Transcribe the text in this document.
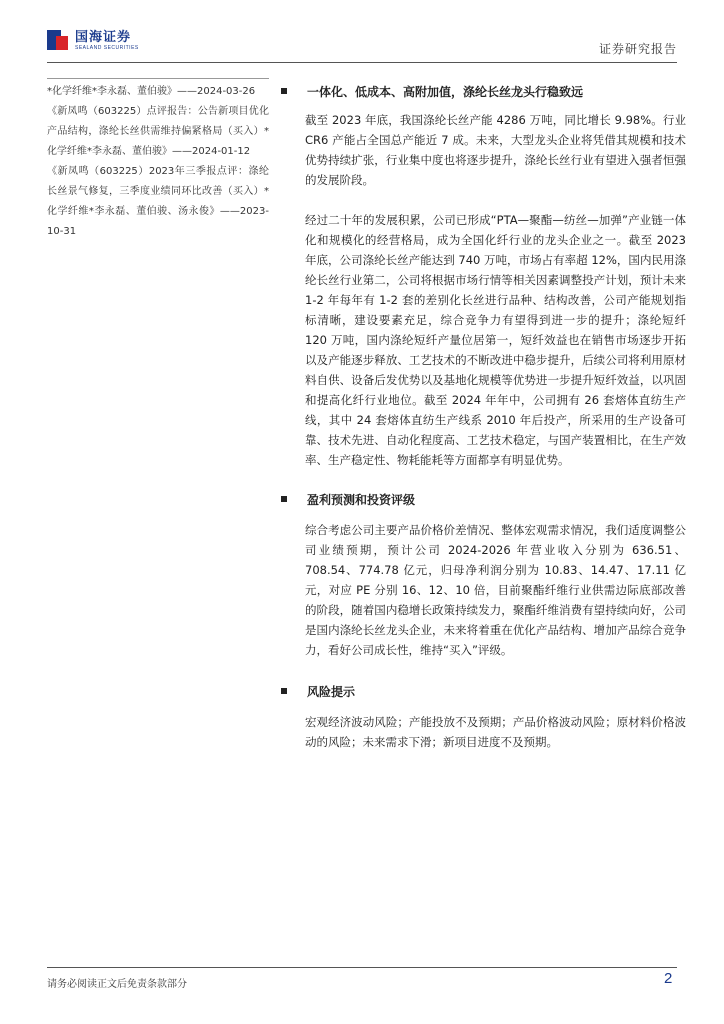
国海证券
SEALAND SECURITIES	证券研究报告

*化学纤维*李永磊、董伯骏》——2024-03-26

《新凤鸣（603225）点评报告：公告新项目优化产品结构，涤纶长丝供需维持偏紧格局（买入）*化学纤维*李永磊、董伯骏》——2024-01-12

《新凤鸣（603225）2023年三季报点评：涤纶长丝景气修复，三季度业绩同环比改善（买入）*化学纤维*李永磊、董伯骏、汤永俊》——2023-10-31

一体化、低成本、高附加值，涤纶长丝龙头行稳致远

截至 2023 年底，我国涤纶长丝产能 4286 万吨，同比增长 9.98%。行业 CR6 产能占全国总产能近 7 成。未来，大型龙头企业将凭借其规模和技术优势持续扩张，行业集中度也将逐步提升，涤纶长丝行业有望进入强者恒强的发展阶段。

经过二十年的发展积累，公司已形成“PTA—聚酯—纺丝—加弹”产业链一体化和规模化的经营格局，成为全国化纤行业的龙头企业之一。截至 2023 年底，公司涤纶长丝产能达到 740 万吨，市场占有率超 12%，国内民用涤纶长丝行业第二，公司将根据市场行情等相关因素调整投产计划，预计未来 1-2 年每年有 1-2 套的差别化长丝进行品种、结构改善，公司产能规划指标清晰，建设要素充足，综合竞争力有望得到进一步的提升；涤纶短纤 120 万吨，国内涤纶短纤产量位居第一，短纤效益也在销售市场逐步开拓以及产能逐步释放、工艺技术的不断改进中稳步提升，后续公司将利用原材料自供、设备后发优势以及基地化规模等优势进一步提升短纤效益，以巩固和提高化纤行业地位。截至 2024 年年中，公司拥有 26 套熔体直纺生产线，其中 24 套熔体直纺生产线系 2010 年后投产，所采用的生产设备可靠、技术先进、自动化程度高、工艺技术稳定，与国产装置相比，在生产效率、生产稳定性、物耗能耗等方面都享有明显优势。

盈利预测和投资评级

综合考虑公司主要产品价格价差情况、整体宏观需求情况，我们适度调整公司业绩预期，预计公司 2024-2026 年营业收入分别为 636.51、708.54、774.78 亿元，归母净利润分别为 10.83、14.47、17.11 亿元，对应 PE 分别 16、12、10 倍，目前聚酯纤维行业供需边际底部改善的阶段，随着国内稳增长政策持续发力，聚酯纤维消费有望持续向好，公司是国内涤纶长丝龙头企业，未来将着重在优化产品结构、增加产品综合竞争力，看好公司成长性，维持“买入”评级。

风险提示

宏观经济波动风险；产能投放不及预期；产品价格波动风险；原材料价格波动的风险；未来需求下滑；新项目进度不及预期。

请务必阅读正文后免责条款部分	2
